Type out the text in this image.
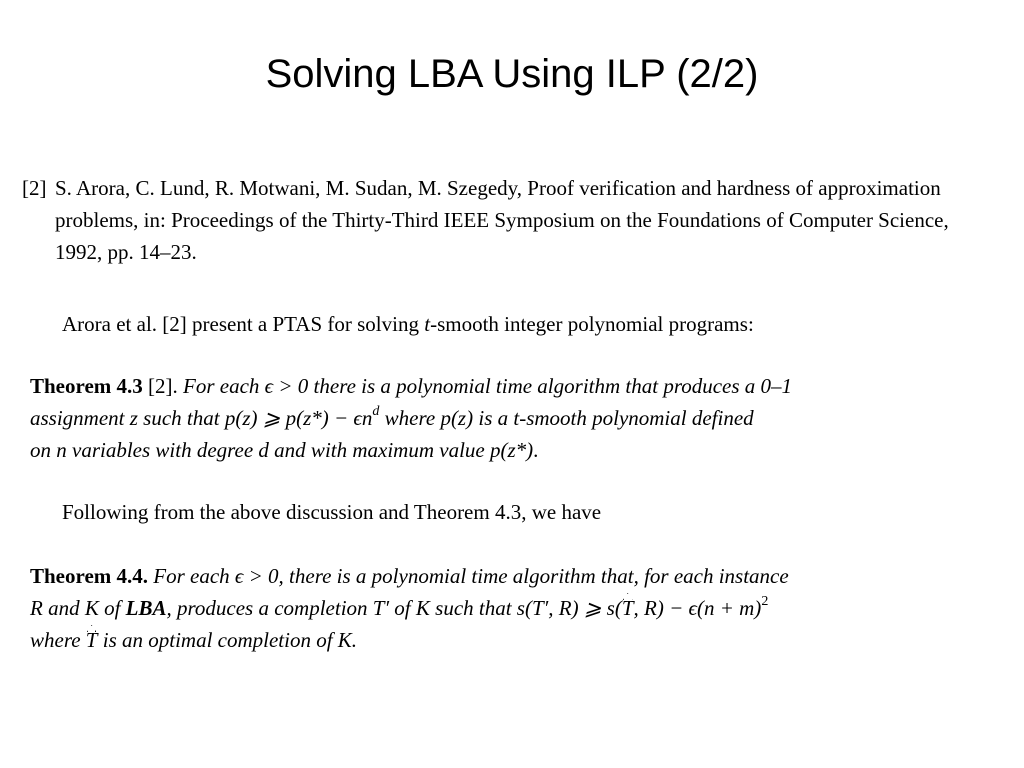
Solving LBA Using ILP (2/2)
[2] S. Arora, C. Lund, R. Motwani, M. Sudan, M. Szegedy, Proof verification and hardness of approximation
problems, in: Proceedings of the Thirty-Third IEEE Symposium on the Foundations of Computer Science,
1992, pp. 14–23.
Arora et al. [2] present a PTAS for solving t-smooth integer polynomial programs:
Theorem 4.3 [2]. For each ϵ > 0 there is a polynomial time algorithm that produces a 0–1
assignment z such that p(z) ⩾ $p(z*) - \epsilon n^d$ where p(z) is a t-smooth polynomial defined
on n variables with degree d and with maximum value p(z*).
Following from the above discussion and Theorem 4.3, we have
Theorem 4.4. For each ϵ > 0, there is a polynomial time algorithm that, for each instance
R and K of LBA, produces a completion T′ of K such that s(T′, R) ⩾ s(T, $R) - \epsilon(n + m)^2$
where T is an optimal completion of K.
